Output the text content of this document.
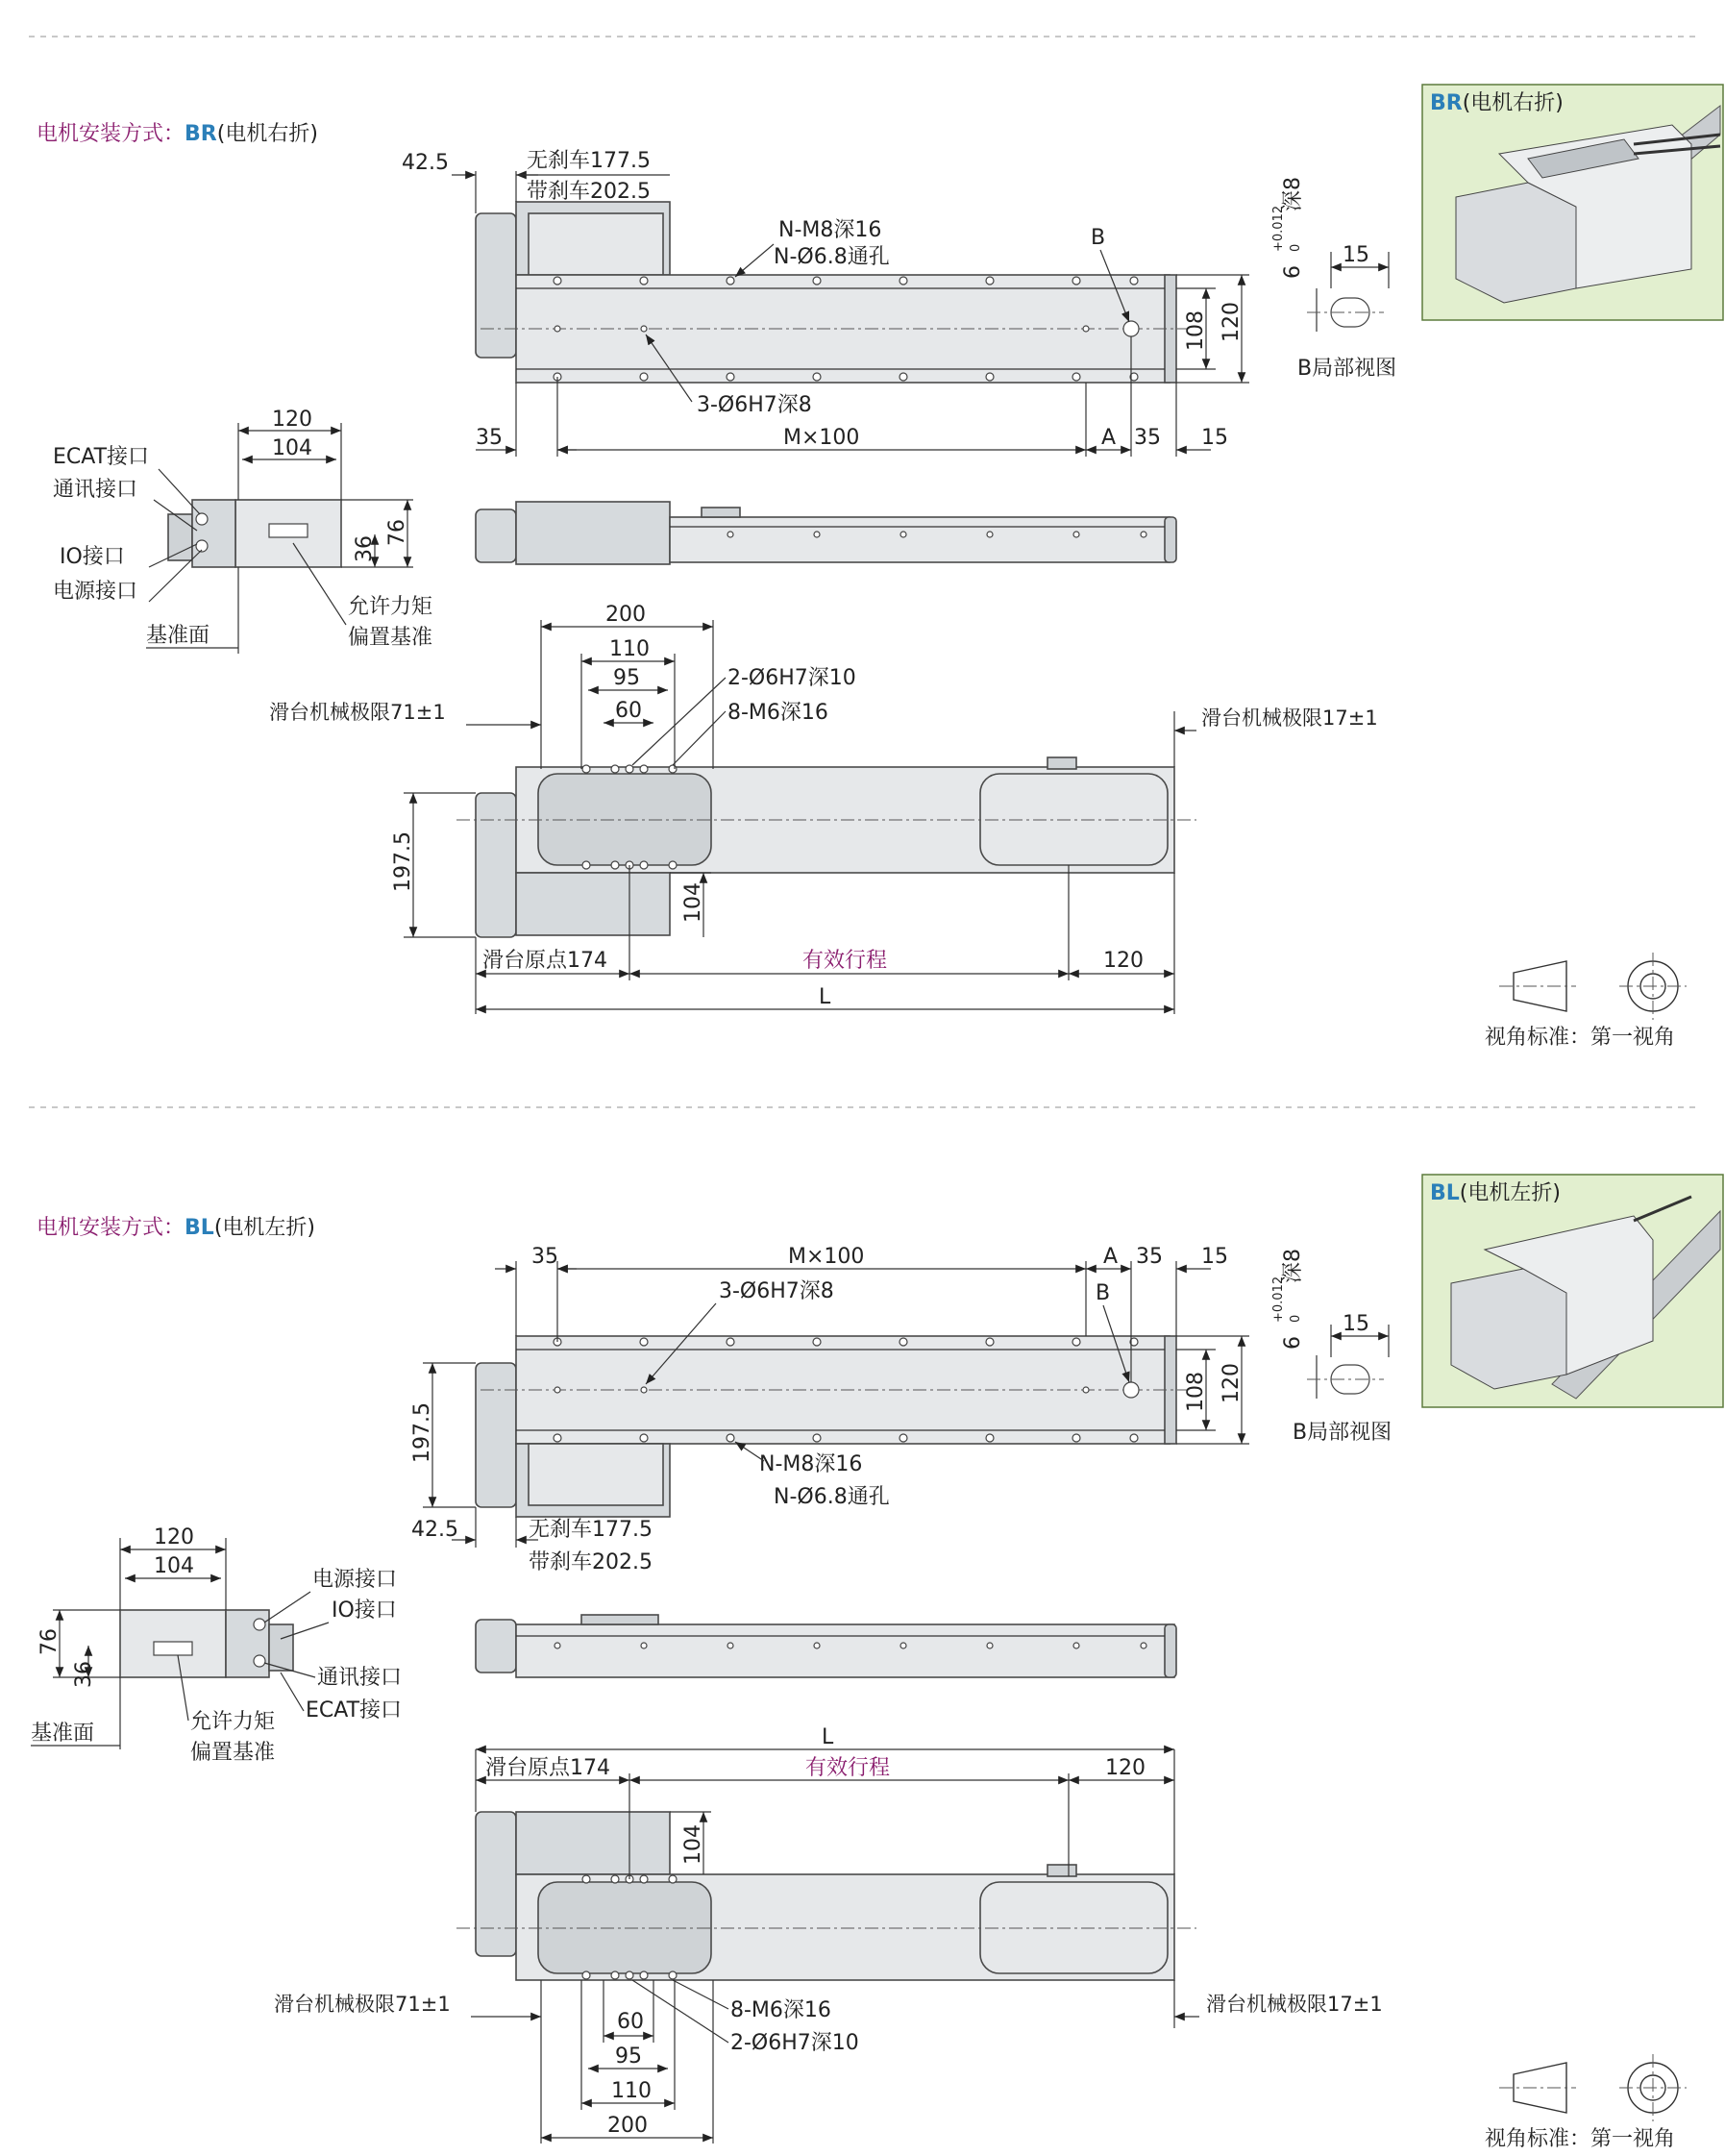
电机安装方式：BR(电机右折)
BR(电机右折)
42.5	无刹车177.5
带刹车202.5
N-M8深16
N-Ø6.8通孔
B
3-Ø6H7深8
108 120
35	M×100	A 35 15
15
6
+0.012 0
深8
B局部视图
120
104
76
36
ECAT接口
通讯接口
IO接口
电源接口
基准面
允许力矩
偏置基准
200
110
95
60
2-Ø6H7深10
8-M6深16
滑台机械极限71±1	滑台机械极限17±1
197.5
104
滑台原点174	有效行程	120
L
视角标准：第一视角
电机安装方式：BL(电机左折)
BL(电机左折)
35	M×100	A 35 15
3-Ø6H7深8	B
108 120
197.5
N-M8深16
N-Ø6.8通孔
42.5	无刹车177.5
带刹车202.5
15
6
+0.012 0
深8
B局部视图
120
104
76
36
电源接口
IO接口
通讯接口
ECAT接口
基准面	允许力矩
偏置基准
L
滑台原点174	有效行程	120
104
滑台机械极限71±1	滑台机械极限17±1
60
95
110
200
8-M6深16
2-Ø6H7深10
视角标准：第一视角
